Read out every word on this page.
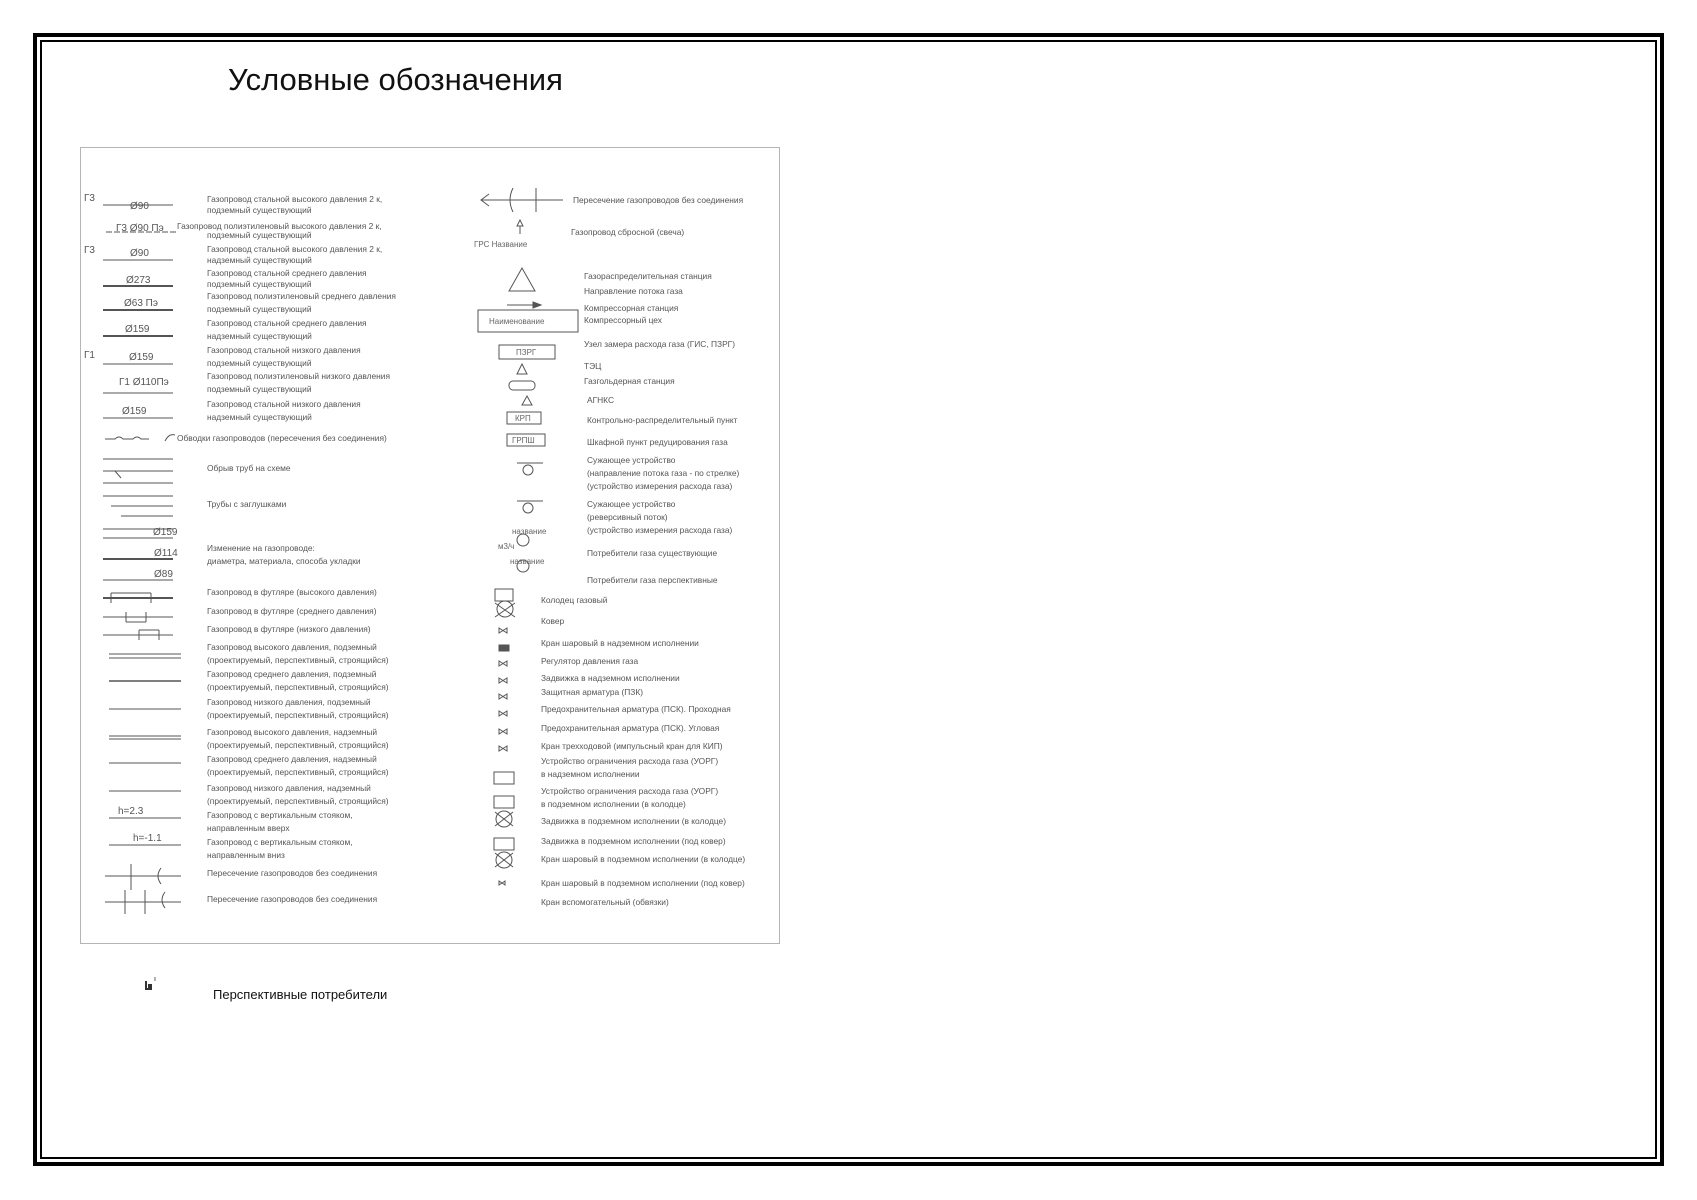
Условные обозначения
ГРС Название
Наименование
ПЗРГ
КРП
ГРПШ
название
м3/ч
название
Г3
Г3
Г1
Ø90
Г3 Ø90 Пэ
Ø90
Ø273
Ø63 Пэ
Ø159
Ø159
Г1 Ø110Пэ
Ø159
Ø159
Ø114
Ø89
h=2.3
h=-1.1
Газопровод стальной высокого давления 2 к,
подземный существующий
Газопровод полиэтиленовый высокого давления 2 к,
подземный существующий
Газопровод стальной высокого давления 2 к,
надземный существующий
Газопровод стальной среднего давления
подземный существующий
Газопровод полиэтиленовый среднего давления
подземный существующий
Газопровод стальной среднего давления
надземный существующий
Газопровод стальной низкого давления
подземный существующий
Газопровод полиэтиленовый низкого давления
подземный существующий
Газопровод стальной низкого давления
надземный существующий
Обводки газопроводов (пересечения без соединения)
Обрыв труб на схеме
Трубы с заглушками
Изменение на газопроводе:
диаметра, материала, способа укладки
Газопровод в футляре (высокого давления)
Газопровод в футляре (среднего давления)
Газопровод в футляре (низкого давления)
Газопровод высокого давления, подземный
(проектируемый, перспективный, строящийся)
Газопровод среднего давления, подземный
(проектируемый, перспективный, строящийся)
Газопровод низкого давления, подземный
(проектируемый, перспективный, строящийся)
Газопровод высокого давления, надземный
(проектируемый, перспективный, строящийся)
Газопровод среднего давления, надземный
(проектируемый, перспективный, строящийся)
Газопровод низкого давления, надземный
(проектируемый, перспективный, строящийся)
Газопровод с вертикальным стояком,
направленным вверх
Газопровод с вертикальным стояком,
направленным вниз
Пересечение газопроводов без соединения
Пересечение газопроводов без соединения
Пересечение газопроводов без соединения
Газопровод сбросной (свеча)
Газораспределительная станция
Направление потока газа
Компрессорная станция
Компрессорный цех
Узел замера расхода газа (ГИС, ПЗРГ)
ТЭЦ
Газгольдерная станция
АГНКС
Контрольно-распределительный пункт
Шкафной пункт редуцирования газа
Сужающее устройство
(направление потока газа - по стрелке)
(устройство измерения расхода газа)
Сужающее устройство
(реверсивный поток)
(устройство измерения расхода газа)
Потребители газа существующие
Потребители газа перспективные
Колодец газовый
Ковер
Кран шаровый в надземном исполнении
Регулятор давления газа
Задвижка в надземном исполнении
Защитная арматура (ПЗК)
Предохранительная арматура (ПСК). Проходная
Предохранительная арматура (ПСК). Угловая
Кран трехходовой (импульсный кран для КИП)
Устройство ограничения расхода газа (УОРГ)
в надземном исполнении
Устройство ограничения расхода газа (УОРГ)
в подземном исполнении (в колодце)
Задвижка в подземном исполнении (в колодце)
Задвижка в подземном исполнении (под ковер)
Кран шаровый в подземном исполнении (в колодце)
Кран шаровый в подземном исполнении (под ковер)
Кран вспомогательный (обвязки)
Перспективные потребители
